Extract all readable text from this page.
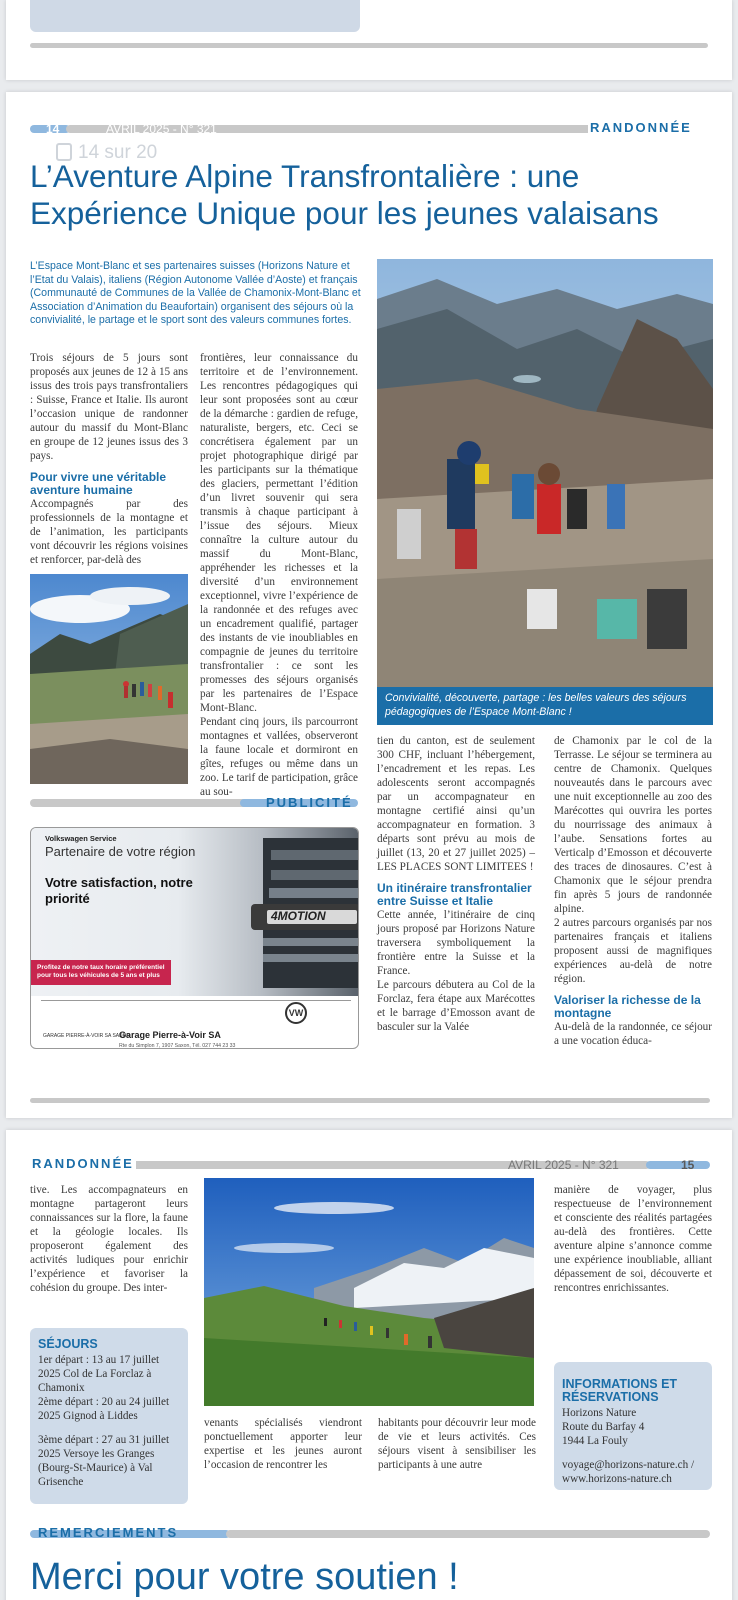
14	AVRIL 2025 - N° 321	RANDONNÉE
14 sur 20
L’Aventure Alpine Transfrontalière : une
Expérience Unique pour les jeunes valaisans
L’Espace Mont-Blanc et ses partenaires suisses (Horizons Nature et l’Etat du Valais), italiens (Région Autonome Vallée d’Aoste) et français (Communauté de Communes de la Vallée de Chamonix-Mont-Blanc et Association d’Animation du Beaufortain) organisent des séjours où la convivialité, le partage et le sport sont des valeurs communes fortes.

Trois séjours de 5 jours sont proposés aux jeunes de 12 à 15 ans issus des trois pays transfrontaliers : Suisse, France et Italie. Ils auront l’occasion unique de randonner autour du massif du Mont-Blanc en groupe de 12 jeunes issus des 3 pays.

Pour vivre une véritable aventure humaine

Accompagnés par des professionnels de la montagne et de l’animation, les participants vont découvrir les régions voisines et renforcer, par-delà des

frontières, leur connaissance du territoire et de l’environnement. Les rencontres pédagogiques qui leur sont proposées sont au cœur de la démarche : gardien de refuge, naturaliste, bergers, etc. Ceci se concrétisera également par un projet photographique dirigé par les participants sur la thématique des glaciers, permettant l’édition d’un livret souvenir qui sera transmis à chaque participant à l’issue des séjours. Mieux connaître la culture autour du massif du Mont-Blanc, appréhender les richesses et la diversité d’un environnement exceptionnel, vivre l’expérience de la randonnée et des refuges avec un encadrement qualifié, partager des instants de vie inoubliables en compagnie de jeunes du territoire transfrontalier : ce sont les promesses des séjours organisés par les partenaires de l’Espace Mont-Blanc.

Pendant cinq jours, ils parcourront montagnes et vallées, observeront la faune locale et dormiront en gîtes, refuges ou même dans un zoo. Le tarif de participation, grâce au sou-

Convivialité, découverte, partage : les belles valeurs des séjours pédagogiques de l’Espace Mont-Blanc !

tien du canton, est de seulement 300 CHF, incluant l’hébergement, l’encadrement et les repas. Les adolescents seront accompagnés par un accompagnateur en montagne certifié ainsi qu’un accompagnateur en formation. 3 départs sont prévu au mois de juillet (13, 20 et 27 juillet 2025) – LES PLACES SONT LIMITEES !

Un itinéraire transfrontalier entre Suisse et Italie

Cette année, l’itinéraire de cinq jours proposé par Horizons Nature traversera symboliquement la frontière entre la Suisse et la France.

Le parcours débutera au Col de la Forclaz, fera étape aux Marécottes et le barrage d’Emosson avant de basculer sur la Valée

de Chamonix par le col de la Terrasse. Le séjour se terminera au centre de Chamonix. Quelques nouveautés dans le parcours avec une nuit exceptionnelle au zoo des Marécottes qui ouvrira les portes du nourrissage des animaux à l’aube. Sensations fortes au Verticalp d’Emosson et découverte des traces de dinosaures. C’est à Chamonix que le séjour prendra fin après 5 jours de randonnée alpine.

2 autres parcours organisés par nos partenaires français et italiens proposent aussi de magnifiques expériences au-delà de notre région.

Valoriser la richesse de la montagne

Au-delà de la randonnée, ce séjour a une vocation éduca-

PUBLICITÉ
4MOTION
Volkswagen Service
Partenaire de votre région
Votre satisfaction, notre priorité
Profitez de notre taux horaire préférentiel pour tous les véhicules de 5 ans et plus
VW
GARAGE PIERRE-À-VOIR SA SAXON
Garage Pierre-à-Voir SA
Rte du Simplon 7, 1907 Saxon, Tél. 027 744 23 33
RANDONNÉE	AVRIL 2025 - N° 321	15
tive. Les accompagnateurs en montagne partageront leurs connaissances sur la flore, la faune et la géologie locales. Ils proposeront également des activités ludiques pour enrichir l’expérience et favoriser la cohésion du groupe. Des inter-
SÉJOURS
1er départ : 13 au 17 juillet 2025 Col de La Forclaz à Chamonix
2ème départ : 20 au 24 juillet 2025 Gignod à Liddes
3ème départ : 27 au 31 juillet 2025 Versoye les Granges (Bourg-St-Maurice) à Val Grisenche
venants spécialisés viendront ponctuellement apporter leur expertise et les jeunes auront l’occasion de rencontrer les
habitants pour découvrir leur mode de vie et leurs activités. Ces séjours visent à sensibiliser les participants à une autre
manière de voyager, plus respectueuse de l’environnement et consciente des réalités partagées au-delà des frontières. Cette aventure alpine s’annonce comme une expérience inoubliable, alliant dépassement de soi, découverte et rencontres enrichissantes.
INFORMATIONS ET RÉSERVATIONS
Horizons Nature
Route du Barfay 4
1944 La Fouly
voyage@horizons-nature.ch / www.horizons-nature.ch
REMERCIEMENTS
Merci pour votre soutien !
